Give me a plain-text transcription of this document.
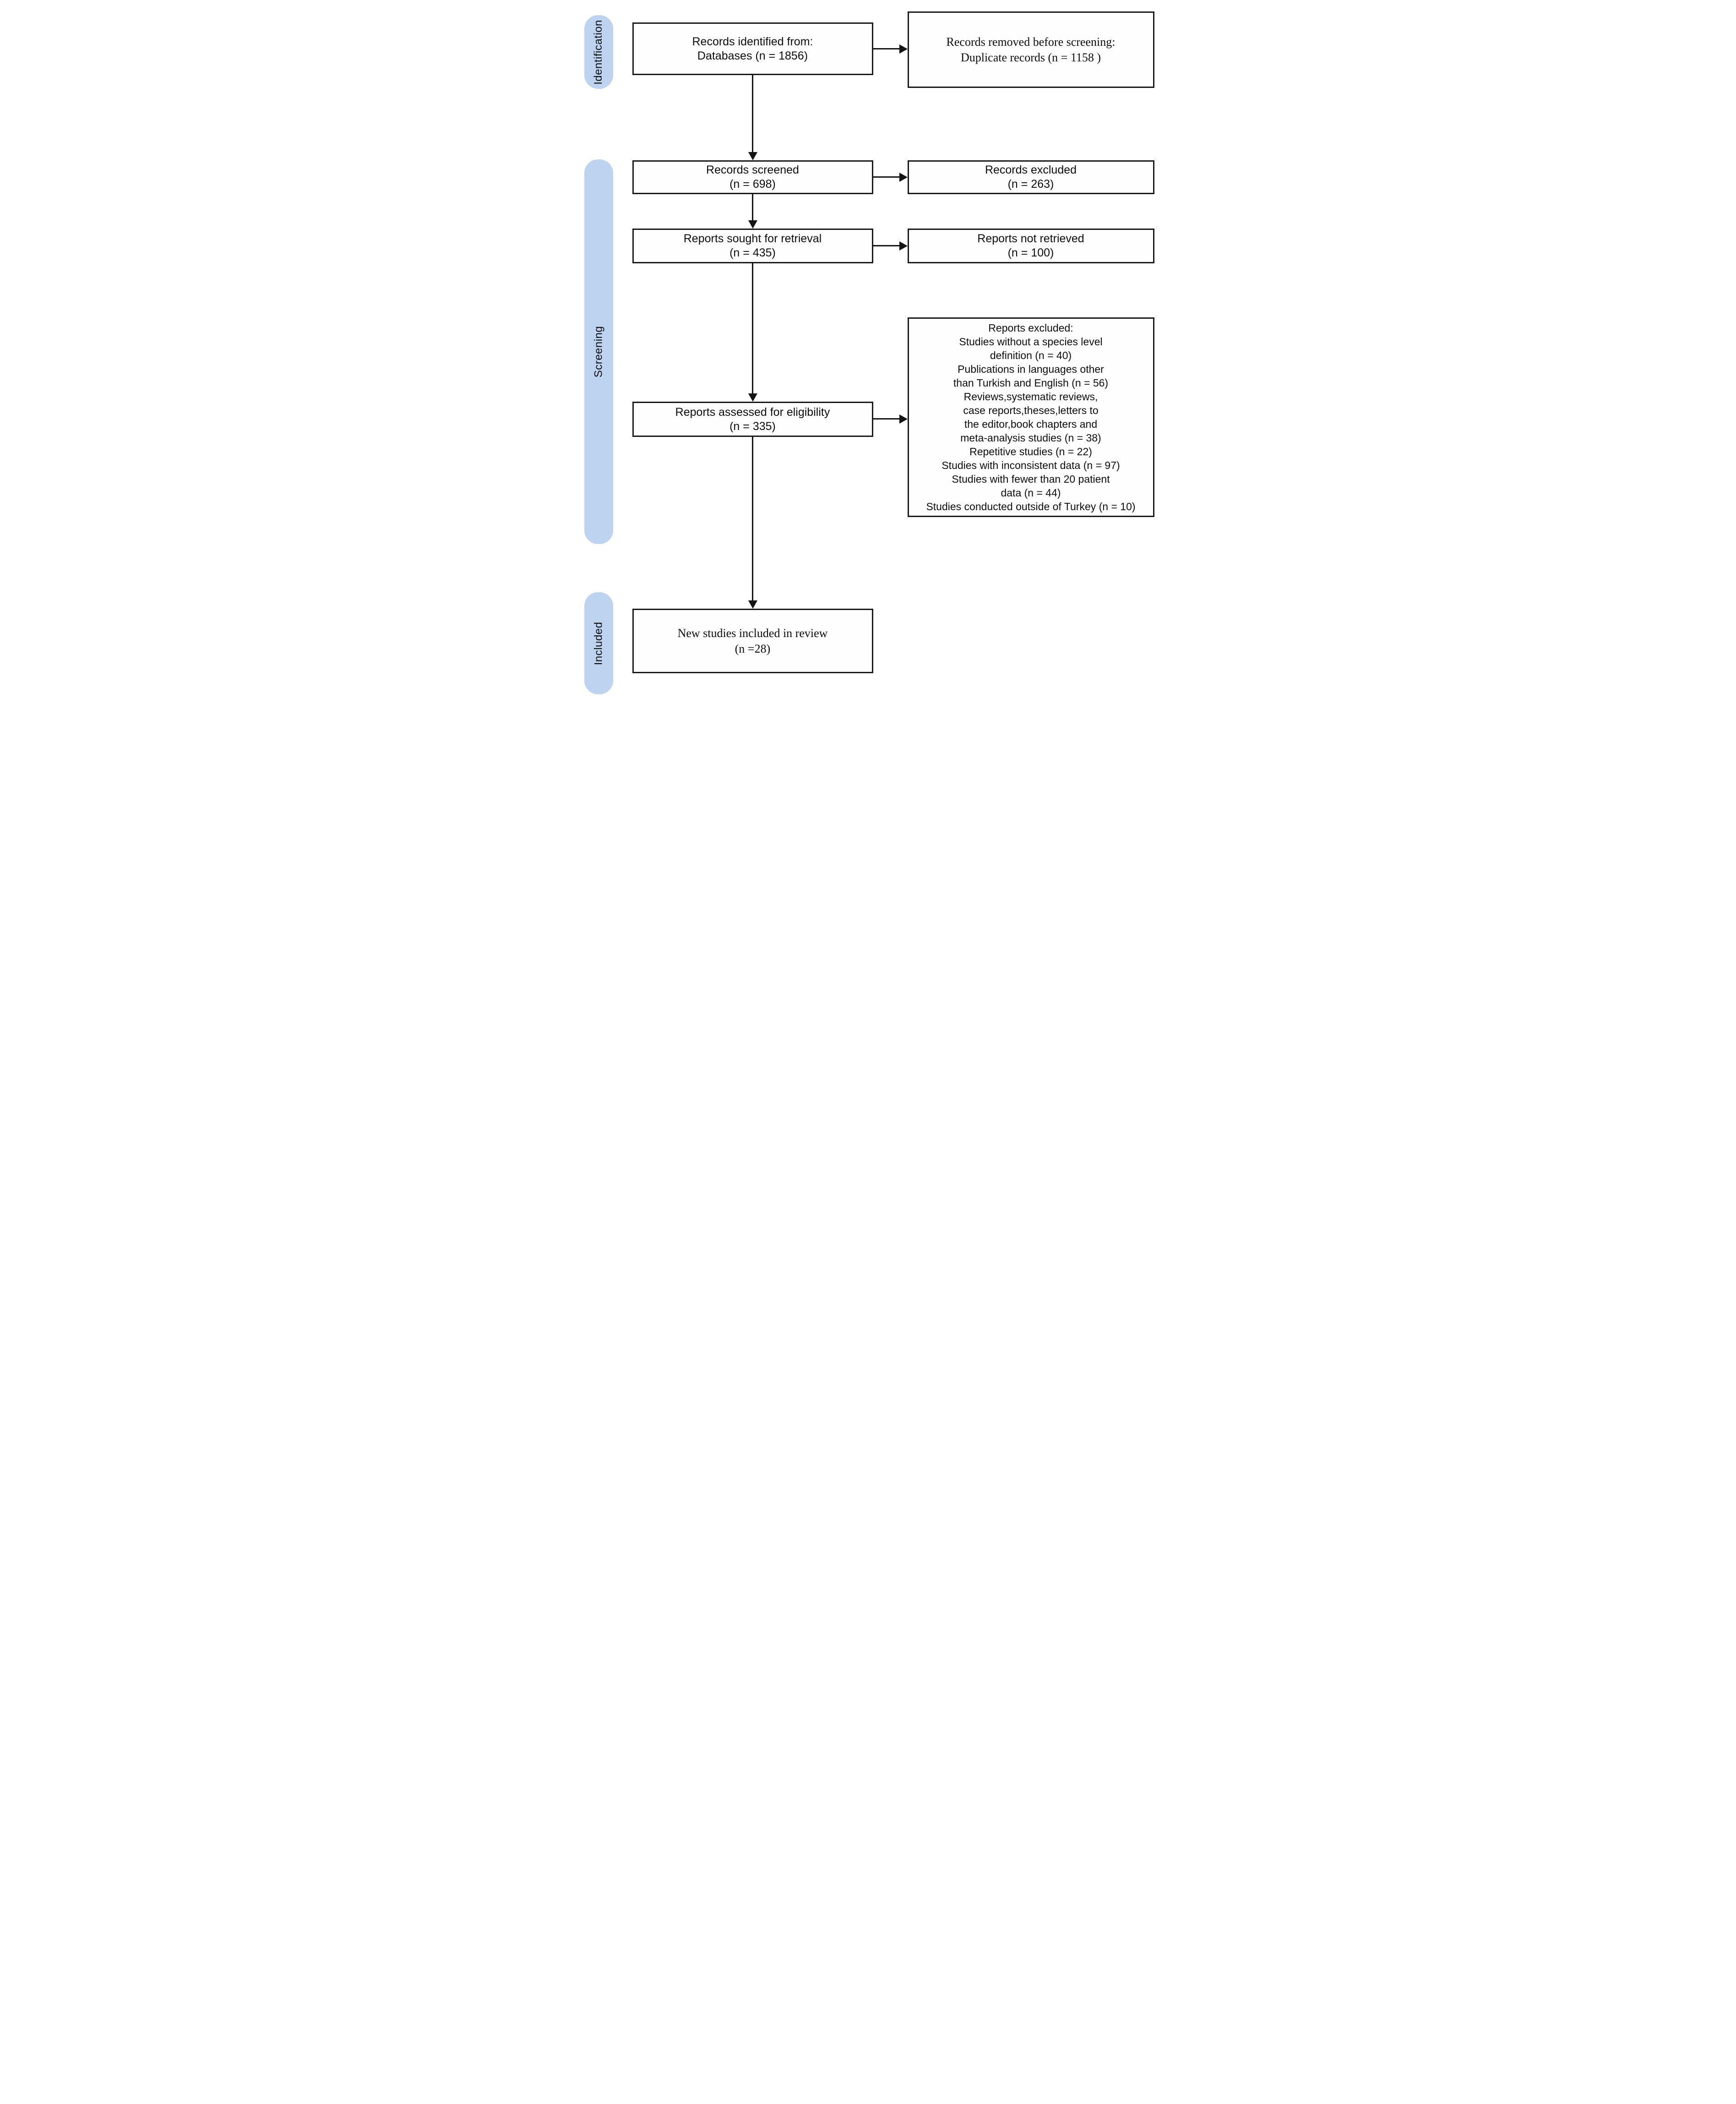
Identification
Screening
Included
Records identified from:
Databases (n = 1856)
Records screened
(n = 698)
Reports sought for retrieval
(n = 435)
Reports assessed for eligibility
(n = 335)
New studies included in review
(n =28)
Records removed before screening:
Duplicate records (n = 1158 )
Records excluded
(n = 263)
Reports not retrieved
(n = 100)
Reports excluded:
Studies without a species level
definition (n = 40)
Publications in languages other
than Turkish and English (n = 56)
Reviews,systematic reviews,
case reports,theses,letters to
the editor,book chapters and
meta-analysis studies (n = 38)
Repetitive studies (n = 22)
Studies with inconsistent data (n = 97)
Studies with fewer than 20 patient
data (n = 44)
Studies conducted outside of Turkey (n = 10)
